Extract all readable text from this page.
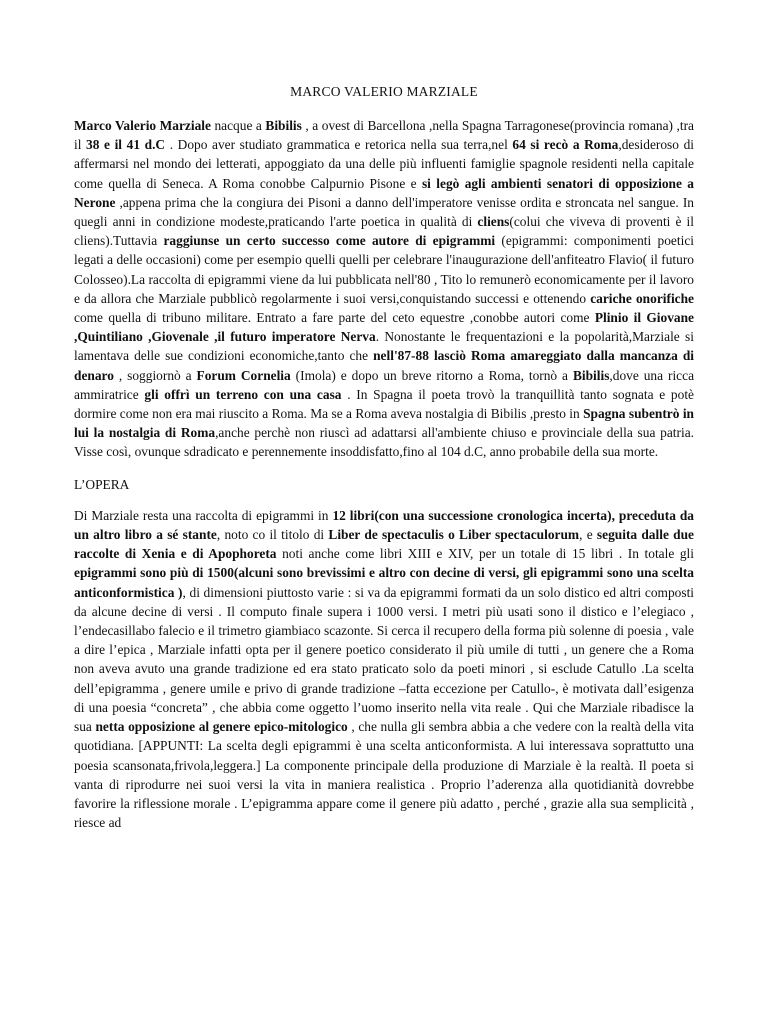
MARCO VALERIO MARZIALE

Marco Valerio Marziale nacque a Bibilis , a ovest di Barcellona ,nella Spagna Tarragonese(provincia romana) ,tra il 38 e il 41 d.C . Dopo aver studiato grammatica e retorica nella sua terra,nel 64 si recò a Roma,desideroso di affermarsi nel mondo dei letterati, appoggiato da una delle più influenti famiglie spagnole residenti nella capitale come quella di Seneca. A Roma conobbe Calpurnio Pisone e si legò agli ambienti senatori di opposizione a Nerone ,appena prima che la congiura dei Pisoni a danno dell'imperatore venisse ordita e stroncata nel sangue. In quegli anni in condizione modeste,praticando l'arte poetica in qualità di cliens(colui che viveva di proventi è il cliens).Tuttavia raggiunse un certo successo come autore di epigrammi (epigrammi: componimenti poetici legati a delle occasioni) come per esempio quelli quelli per celebrare l'inaugurazione dell'anfiteatro Flavio( il futuro Colosseo).La raccolta di epigrammi viene da lui pubblicata nell'80 , Tito lo remunerò economicamente per il lavoro e da allora che Marziale pubblicò regolarmente i suoi versi,conquistando successi e ottenendo cariche onorifiche come quella di tribuno militare. Entrato a fare parte del ceto equestre ,conobbe autori come Plinio il Giovane ,Quintiliano ,Giovenale ,il futuro imperatore Nerva. Nonostante le frequentazioni e la popolarità,Marziale si lamentava delle sue condizioni economiche,tanto che nell'87-88 lasciò Roma amareggiato dalla mancanza di denaro , soggiornò a Forum Cornelia (Imola) e dopo un breve ritorno a Roma, tornò a Bibilis,dove una ricca ammiratrice gli offrì un terreno con una casa . In Spagna il poeta trovò la tranquillità tanto sognata e potè dormire come non era mai riuscito a Roma. Ma se a Roma aveva nostalgia di Bibilis ,presto in Spagna subentrò in lui la nostalgia di Roma,anche perchè non riuscì ad adattarsi all'ambiente chiuso e provinciale della sua patria. Visse così, ovunque sdradicato e perennemente insoddisfatto,fino al 104 d.C, anno probabile della sua morte.

L’OPERA

Di Marziale resta una raccolta di epigrammi in 12 libri(con una successione cronologica incerta), preceduta da un altro libro a sé stante, noto co il titolo di Liber de spectaculis o Liber spectaculorum, e seguita dalle due raccolte di Xenia e di Apophoreta noti anche come libri XIII e XIV, per un totale di 15 libri . In totale gli epigrammi sono più di 1500(alcuni sono brevissimi e altro con decine di versi, gli epigrammi sono una scelta anticonformistica ), di dimensioni piuttosto varie : si va da epigrammi formati da un solo distico ed altri composti da alcune decine di versi . Il computo finale supera i 1000 versi. I metri più usati sono il distico e l’elegiaco , l’endecasillabo falecio e il trimetro giambiaco scazonte. Si cerca il recupero della forma più solenne di poesia , vale a dire l’epica , Marziale infatti opta per il genere poetico considerato il più umile di tutti , un genere che a Roma non aveva avuto una grande tradizione ed era stato praticato solo da poeti minori , si esclude Catullo .La scelta dell’epigramma , genere umile e privo di grande tradizione –fatta eccezione per Catullo-, è motivata dall’esigenza di una poesia “concreta” , che abbia come oggetto l’uomo inserito nella vita reale . Qui che Marziale ribadisce la sua netta opposizione al genere epico-mitologico , che nulla gli sembra abbia a che vedere con la realtà della vita quotidiana. [APPUNTI: La scelta degli epigrammi è una scelta anticonformista. A lui interessava soprattutto una poesia scansonata,frivola,leggera.] La componente principale della produzione di Marziale è la realtà. Il poeta si vanta di riprodurre nei suoi versi la vita in maniera realistica . Proprio l’aderenza alla quotidianità dovrebbe favorire la riflessione morale . L’epigramma appare come il genere più adatto , perché , grazie alla sua semplicità , riesce ad
